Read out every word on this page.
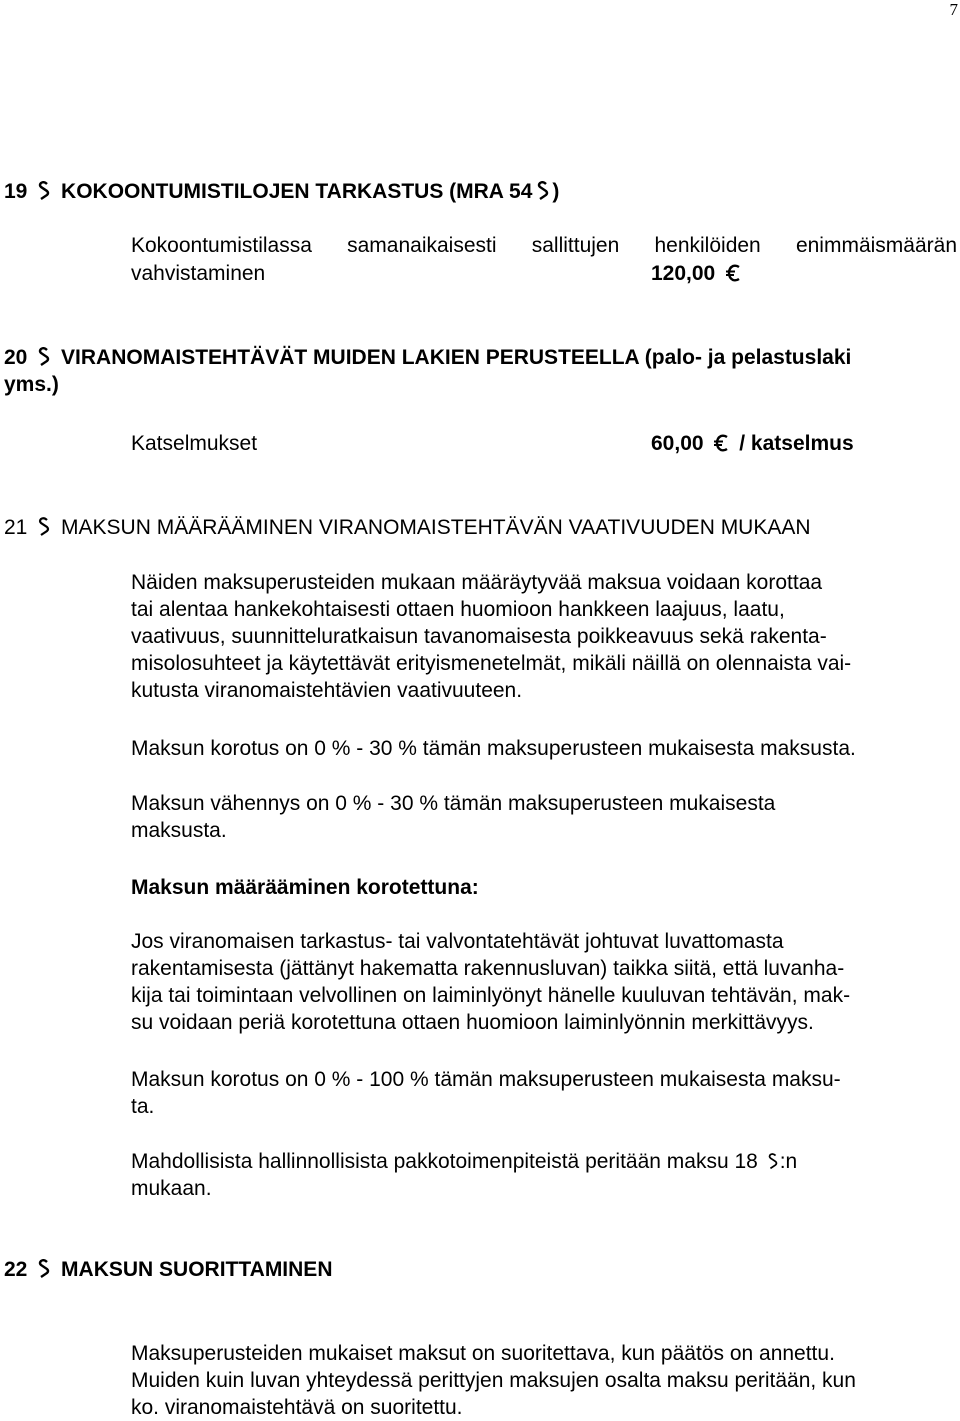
7
19 KOKOONTUMISTILOJEN TARKASTUS (MRA 54 )
Kokoontumistilassa samanaikaisesti sallittujen henkilöiden enimmäismäärän
vahvistaminen	120,00
20 VIRANOMAISTEHTÄVÄT MUIDEN LAKIEN PERUSTEELLA (palo- ja pelastuslaki
yms.)
Katselmukset	60,00 / katselmus
21 MAKSUN MÄÄRÄÄMINEN VIRANOMAISTEHTÄVÄN VAATIVUUDEN MUKAAN
Näiden maksuperusteiden mukaan määräytyvää maksua voidaan korottaa
tai alentaa hankekohtaisesti ottaen huomioon hankkeen laajuus, laatu,
vaativuus, suunnitteluratkaisun tavanomaisesta poikkeavuus sekä rakenta-
misolosuhteet ja käytettävät erityismenetelmät, mikäli näillä on olennaista vai-
kutusta viranomaistehtävien vaativuuteen.
Maksun korotus on 0 % - 30 % tämän maksuperusteen mukaisesta maksusta.
Maksun vähennys on 0 % - 30 % tämän maksuperusteen mukaisesta
maksusta.
Maksun määrääminen korotettuna:
Jos viranomaisen tarkastus- tai valvontatehtävät johtuvat luvattomasta
rakentamisesta (jättänyt hakematta rakennusluvan) taikka siitä, että luvanha-
kija tai toimintaan velvollinen on laiminlyönyt hänelle kuuluvan tehtävän, mak-
su voidaan periä korotettuna ottaen huomioon laiminlyönnin merkittävyys.
Maksun korotus on 0 % - 100 % tämän maksuperusteen mukaisesta maksu-
ta.
Mahdollisista hallinnollisista pakkotoimenpiteistä peritään maksu 18 :n
mukaan.
22 MAKSUN SUORITTAMINEN
Maksuperusteiden mukaiset maksut on suoritettava, kun päätös on annettu.
Muiden kuin luvan yhteydessä perittyjen maksujen osalta maksu peritään, kun
ko. viranomaistehtävä on suoritettu.
